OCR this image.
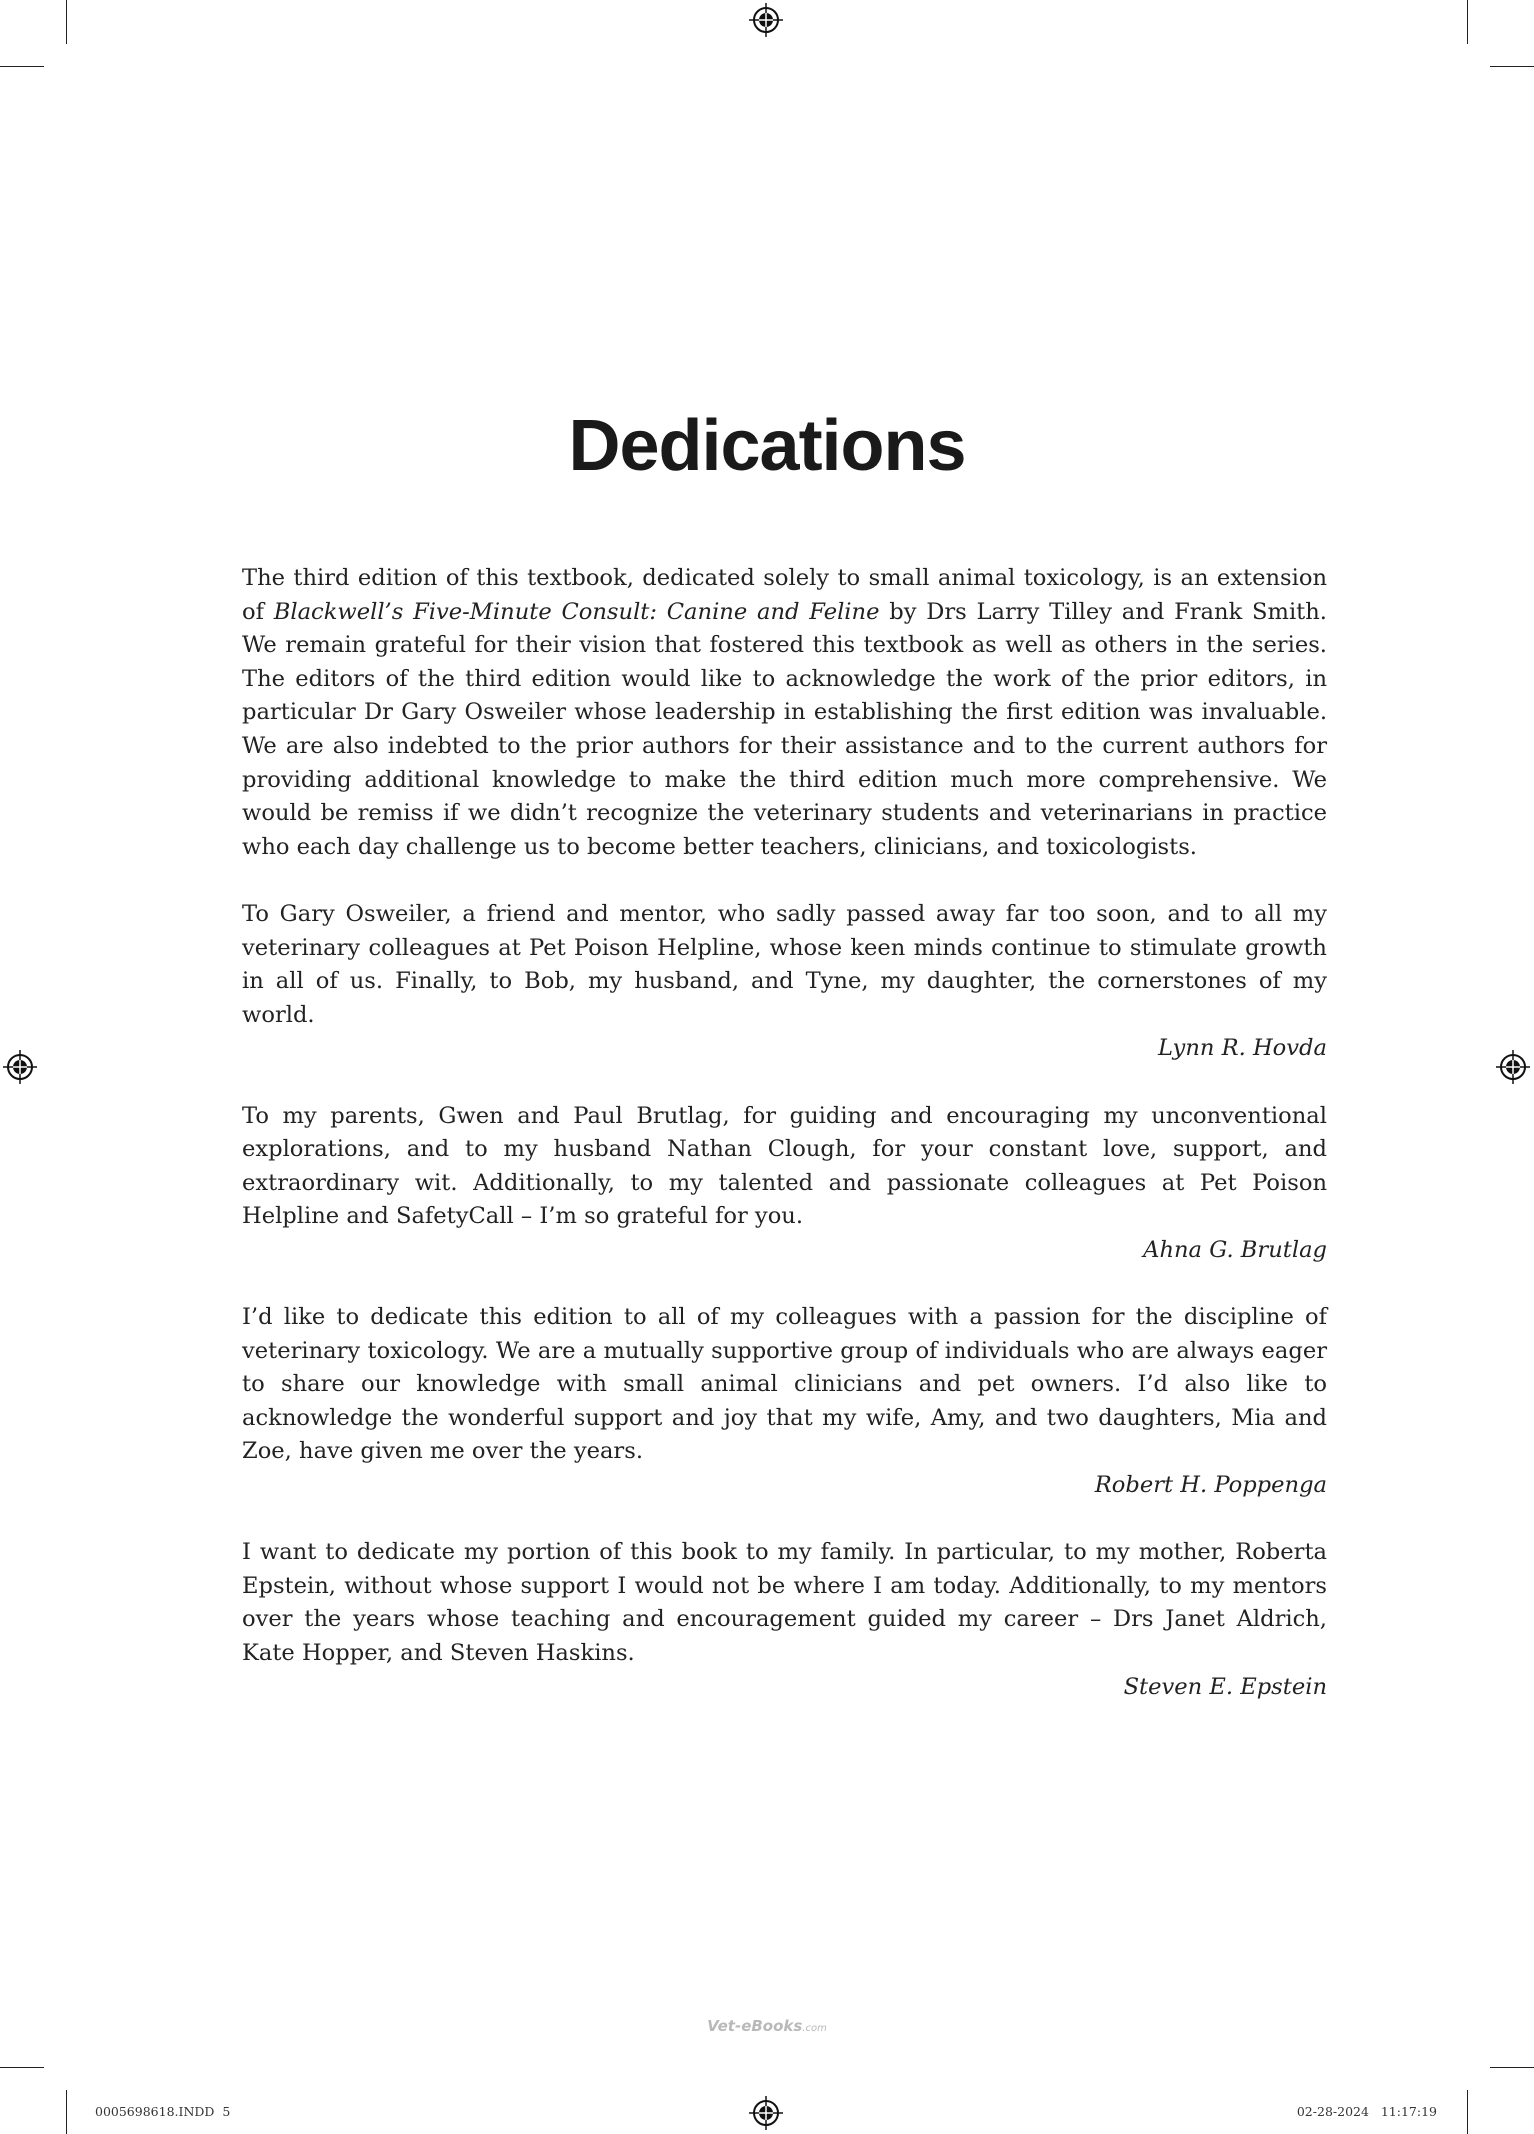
Dedications

The third edition of this textbook, dedicated solely to small animal toxicology, is an extension of Blackwell’s Five-Minute Consult: Canine and Feline by Drs Larry Tilley and Frank Smith. We remain grateful for their vision that fostered this textbook as well as others in the series. The editors of the third edition would like to acknowledge the work of the prior editors, in particular Dr Gary Osweiler whose leadership in establishing the first edition was invaluable. We are also indebted to the prior authors for their assistance and to the current authors for providing additional knowledge to make the third edition much more comprehensive. We would be remiss if we didn’t recognize the veterinary students and veterinarians in practice who each day challenge us to become better teachers, clinicians, and toxicologists.

To Gary Osweiler, a friend and mentor, who sadly passed away far too soon, and to all my veterinary colleagues at Pet Poison Helpline, whose keen minds continue to stimulate growth in all of us. Finally, to Bob, my husband, and Tyne, my daughter, the cornerstones of my world.

Lynn R. Hovda

To my parents, Gwen and Paul Brutlag, for guiding and encouraging my unconventional explorations, and to my husband Nathan Clough, for your constant love, support, and extraordinary wit. Additionally, to my talented and passionate colleagues at Pet Poison Helpline and SafetyCall – I’m so grateful for you.

Ahna G. Brutlag

I’d like to dedicate this edition to all of my colleagues with a passion for the discipline of veterinary toxicology. We are a mutually supportive group of individuals who are always eager to share our knowledge with small animal clinicians and pet owners. I’d also like to acknowledge the wonderful support and joy that my wife, Amy, and two daughters, Mia and Zoe, have given me over the years.

Robert H. Poppenga

I want to dedicate my portion of this book to my family. In particular, to my mother, Roberta Epstein, without whose support I would not be where I am today. Additionally, to my mentors over the years whose teaching and encouragement guided my career – Drs Janet Aldrich, Kate Hopper, and Steven Haskins.

Steven E. Epstein

Vet-eBooks.com
0005698618.INDD  5	02-28-2024   11:17:19
